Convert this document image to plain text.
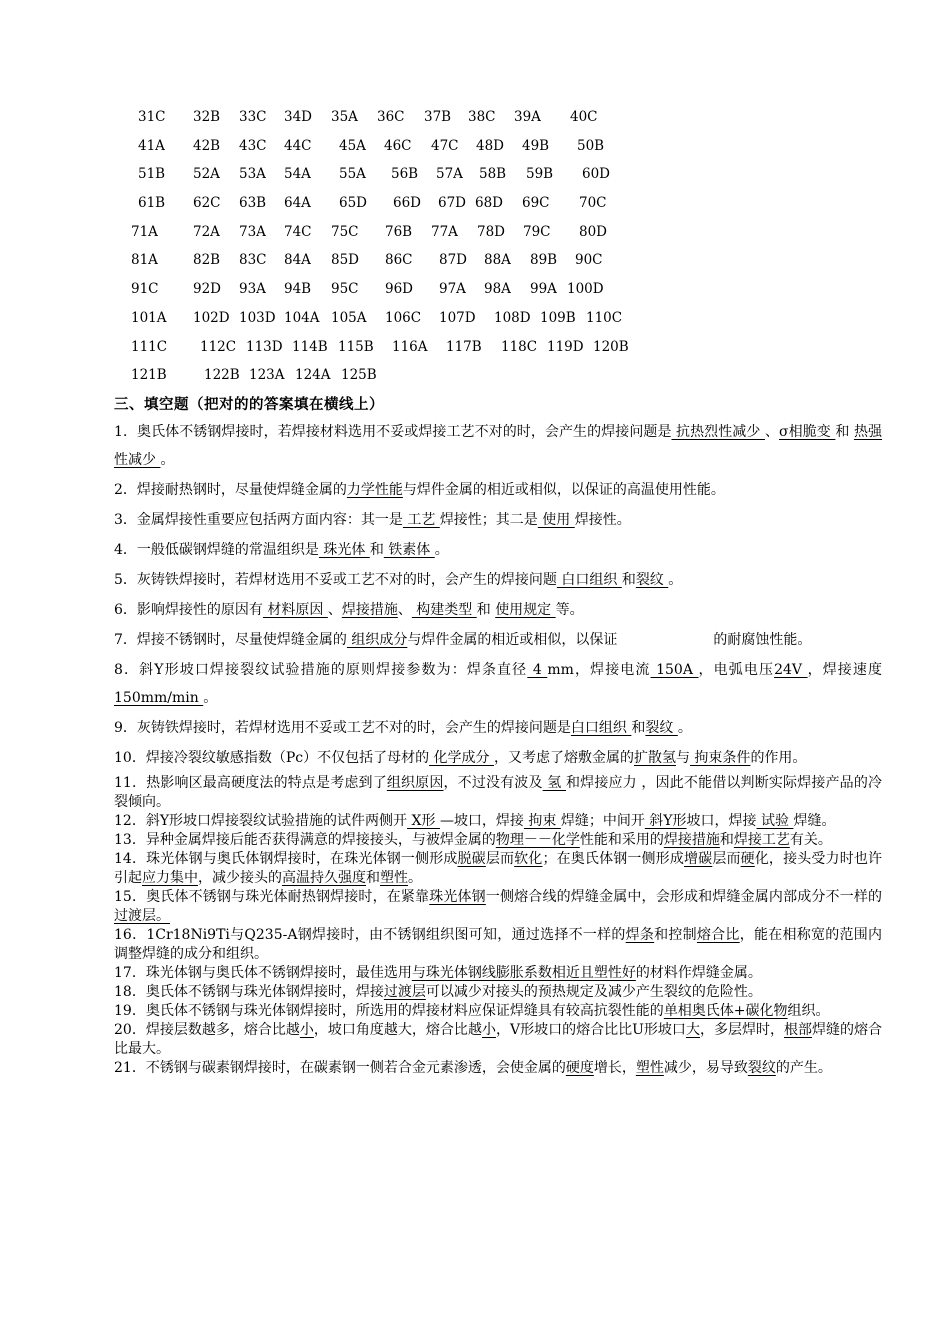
31C 32B 33C 34D 35A 36C 37B 38C 39A 40C
41A 42B 43C 44C 45A 46C 47C 48D 49B 50B
51B 52A 53A 54A 55A 56B 57A 58B 59B 60D
61B 62C 63B 64A 65D 66D 67D 68D 69C 70C
71A	72A 73A 74C 75C 76B 77A 78D 79C 80D
81A	82B 83C 84A 85D 86C 87D 88A 89B 90C
91C	92D 93A 94B 95C 96D 97A 98A 99A 100D
101A 102D 103D 104A 105A 106C 107D 108D 109B 110C
111C 112C 113D 114B 115B 116A 117B 118C 119D 120B
121B	122B 123A 124A 125B
三、填空题（把对的的答案填在横线上）
1．奥氏体不锈钢焊接时，若焊接材料选用不妥或焊接工艺不对的时，会产生的焊接问题是 抗热烈性减少 、σ相脆变 和 热强性减少 。
2．焊接耐热钢时，尽量使焊缝金属的力学性能与焊件金属的相近或相似，以保证的高温使用性能。
3．金属焊接性重要应包括两方面内容：其一是 工艺 焊接性；其二是 使用 焊接性。
4．一般低碳钢焊缝的常温组织是 珠光体 和 铁素体 。
5．灰铸铁焊接时，若焊材选用不妥或工艺不对的时，会产生的焊接问题 白口组织 和裂纹 。
6．影响焊接性的原因有 材料原因 、焊接措施、 构建类型 和 使用规定 等。
7．焊接不锈钢时，尽量使焊缝金属的 组织成分与焊件金属的相近或相似，以保证	的耐腐蚀性能。
8．斜Y形坡口焊接裂纹试验措施的原则焊接参数为：焊条直径 4 mm，焊接电流 150A ，电弧电压24V ，焊接速度 150mm/min 。
9．灰铸铁焊接时，若焊材选用不妥或工艺不对的时，会产生的焊接问题是白口组织 和裂纹 。
10．焊接冷裂纹敏感指数（Pc）不仅包括了母材的 化学成分 ，又考虑了熔敷金属的扩散氢与 拘束条件的作用。
11．热影响区最高硬度法的特点是考虑到了组织原因，不过没有波及 氢 和焊接应力 ，因此不能借以判断实际焊接产品的冷裂倾向。
12．斜Y形坡口焊接裂纹试验措施的试件两侧开 X形 —坡口，焊接 拘束 焊缝；中间开 斜Y形坡口，焊接 试验 焊缝。
13．异种金属焊接后能否获得满意的焊接接头，与被焊金属的物理－－化学性能和采用的焊接措施和焊接工艺有关。
14．珠光体钢与奥氏体钢焊接时，在珠光体钢一侧形成脱碳层而软化；在奥氏体钢一侧形成增碳层而硬化，接头受力时也许引起应力集中，减少接头的高温持久强度和塑性。
15．奥氏体不锈钢与珠光体耐热钢焊接时，在紧靠珠光体钢一侧熔合线的焊缝金属中，会形成和焊缝金属内部成分不一样的过渡层。
16．1Cr18Ni9Ti与Q235-A钢焊接时，由不锈钢组织图可知，通过选择不一样的焊条和控制熔合比，能在相称宽的范围内调整焊缝的成分和组织。
17．珠光体钢与奥氏体不锈钢焊接时，最佳选用与珠光体钢线膨胀系数相近且塑性好的材料作焊缝金属。
18．奥氏体不锈钢与珠光体钢焊接时，焊接过渡层可以减少对接头的预热规定及减少产生裂纹的危险性。
19．奥氏体不锈钢与珠光体钢焊接时，所选用的焊接材料应保证焊缝具有较高抗裂性能的单相奥氏体+碳化物组织。
20．焊接层数越多，熔合比越小，坡口角度越大，熔合比越小，V形坡口的熔合比比U形坡口大，多层焊时，根部焊缝的熔合比最大。
21．不锈钢与碳素钢焊接时，在碳素钢一侧若合金元素渗透，会使金属的硬度增长，塑性减少，易导致裂纹的产生。
